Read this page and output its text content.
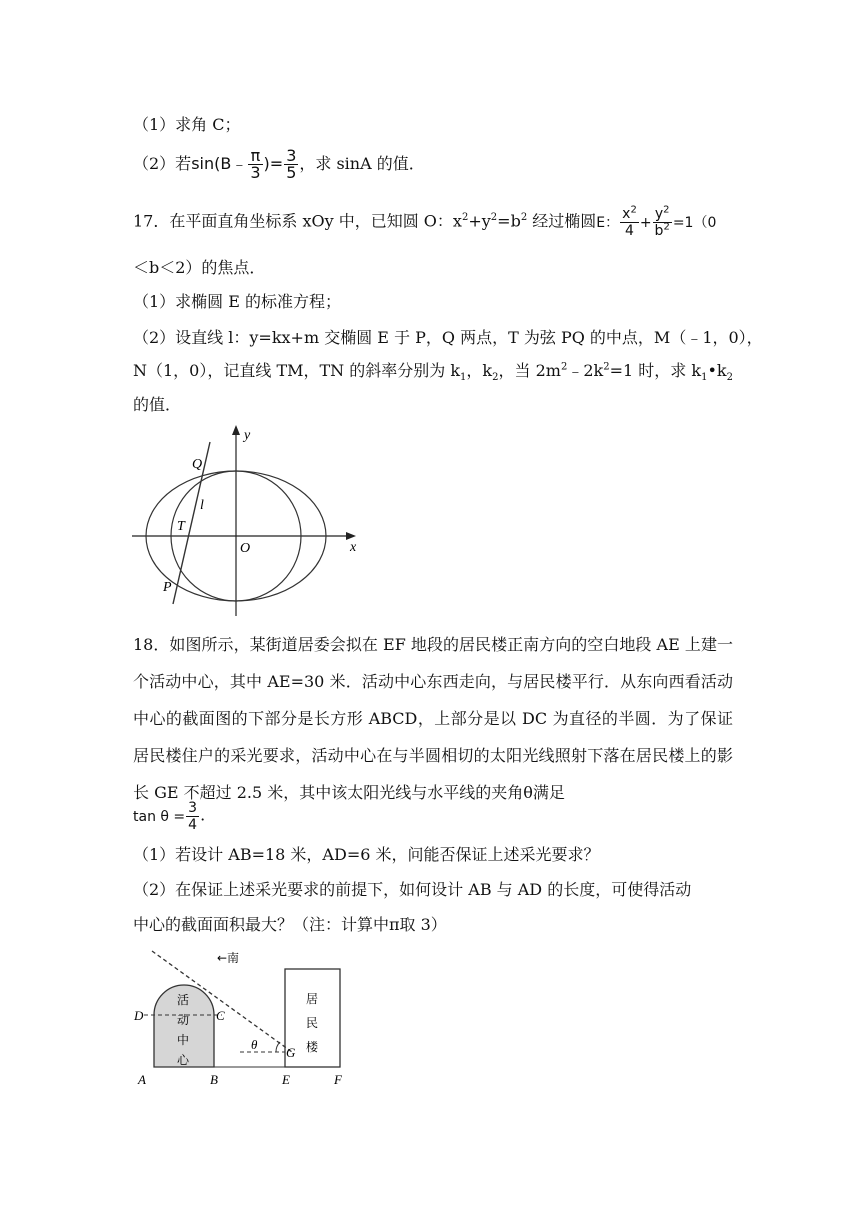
（1）求角 C；
（2）若sin(B﹣ $\frac{\pi}{3}$ )= $\frac{3}{5}$ ，求 sinA 的值．
17．在平面直角坐标系 xOy 中，已知圆 O：$x^2+y^2=b^2$ 经过椭圆E： $\frac{x^2}{4} + \frac{y^2}{b^2} =1(0$
＜b＜2）的焦点．
（1）求椭圆 E 的标准方程；
（2）设直线 l：y=kx+m 交椭圆 E 于 P，Q 两点，T 为弦 PQ 的中点，M（﹣1，0），
N（1，0），记直线 TM，TN 的斜率分别为 $k_1$，$k_2$，当 $2m^2﹣2k^2=1$ 时，求 $k_1•k_2$
的值．
y
x
O
Q
l
T
P
18．如图所示，某街道居委会拟在 EF 地段的居民楼正南方向的空白地段 AE 上建一个活动中心，其中 AE=30 米．活动中心东西走向，与居民楼平行．从东向西看活动中心的截面图的下部分是长方形 ABCD，上部分是以 DC 为直径的半圆．为了保证居民楼住户的采光要求，活动中心在与半圆相切的太阳光线照射下落在居民楼上的影长 GE 不超过 2.5 米，其中该太阳光线与水平线的夹角θ满足
$\tan \theta = \frac{3}{4}$ .
（1）若设计 AB=18 米，AD=6 米，问能否保证上述采光要求？
（2）在保证上述采光要求的前提下，如何设计 AB 与 AD 的长度，可使得活动
中心的截面面积最大？（注：计算中π取 3）
←南
活
动
中
心
居
民
楼
D	C
θ
G
A	B	E	F
